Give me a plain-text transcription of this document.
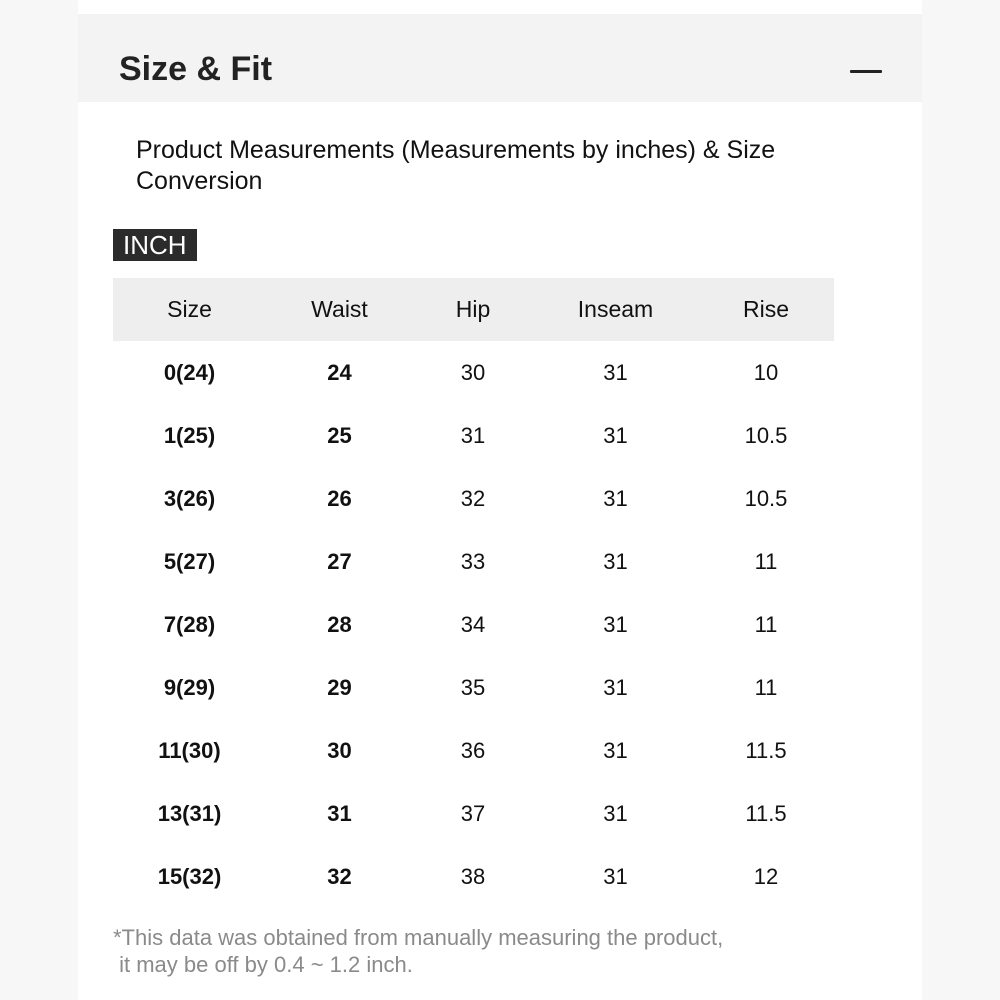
Size & Fit
Product Measurements (Measurements by inches) & Size Conversion
INCH
Size	Waist	Hip	Inseam	Rise
0(24)	24	30	31	10
1(25)	25	31	31	10.5
3(26)	26	32	31	10.5
5(27)	27	33	31	11
7(28)	28	34	31	11
9(29)	29	35	31	11
11(30)	30	36	31	11.5
13(31)	31	37	31	11.5
15(32)	32	38	31	12
*This data was obtained from manually measuring the product,
it may be off by 0.4 ~ 1.2 inch.
